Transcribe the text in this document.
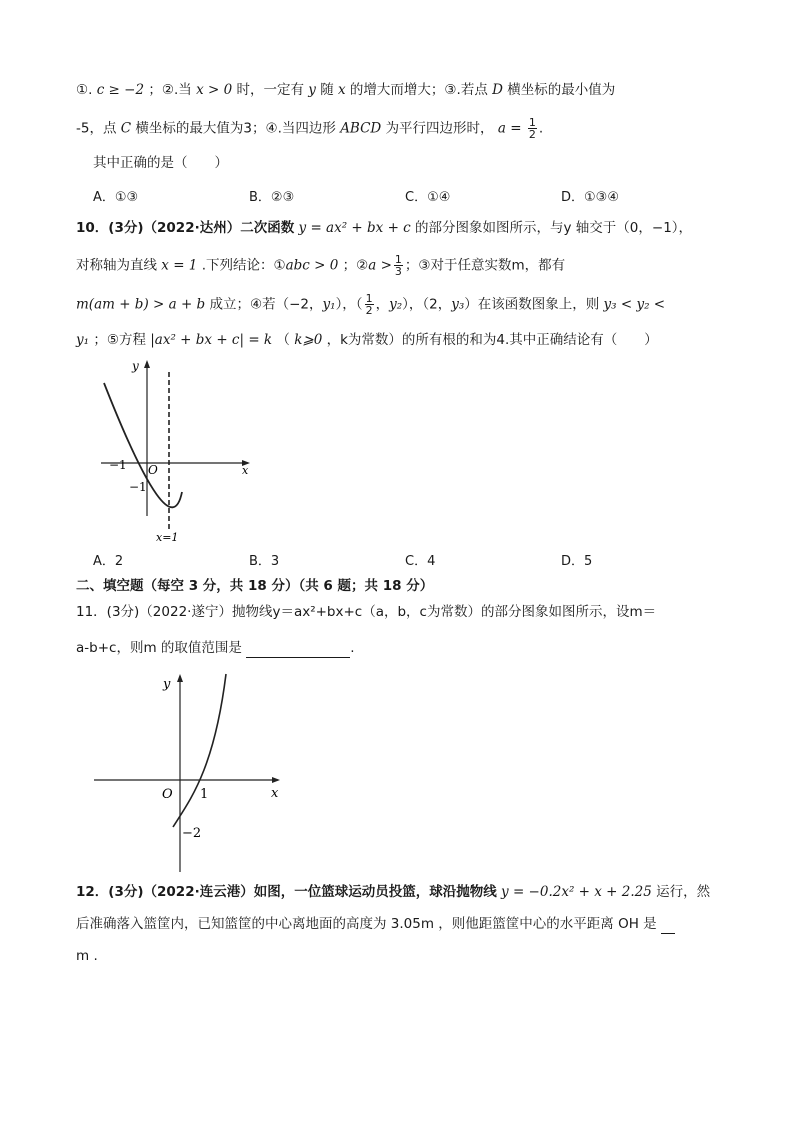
①. c ≥ −2 ；②.当 x > 0 时，一定有 y 随 x 的增大而增大；③.若点 D 横坐标的最小值为
-5，点 C 横坐标的最大值为3；④.当四边形 ABCD 为平行四边形时， $a = \frac{1}{2}$ .
其中正确的是（　　）
A．①③	B．②③	C．①④	D．①③④
10．(3分)（2022·达州）二次函数 y = ax² + bx + c 的部分图象如图所示，与y 轴交于（0，−1），
对称轴为直线 x = 1 .下列结论：①abc > 0 ；②a > $\frac{1}{3}$ ；③对于任意实数m，都有
m(am + b) > a + b 成立；④若（−2，y₁），（ $\frac{1}{2}$ ，y₂），（2，y₃）在该函数图象上，则 y₃ < y₂ <
y₁ ；⑤方程 |ax² + bx + c| = k （ k⩾0 ，k为常数）的所有根的和为4.其中正确结论有（　　）
y
x
−1 O
−1
x=1
A．2	B．3	C．4	D．5
二、填空题（每空 3 分，共 18 分）（共 6 题；共 18 分）
11．(3分)（2022·遂宁）抛物线y＝ax²+bx+c（a，b，c为常数）的部分图象如图所示，设m＝
a-b+c，则m 的取值范围是	.
y
x
O 1
−2
12．(3分)（2022·连云港）如图，一位篮球运动员投篮，球沿抛物线 y = −0.2x² + x + 2.25 运行，然
后准确落入篮筐内，已知篮筐的中心离地面的高度为 3.05m ，则他距篮筐中心的水平距离 OH 是
m .
